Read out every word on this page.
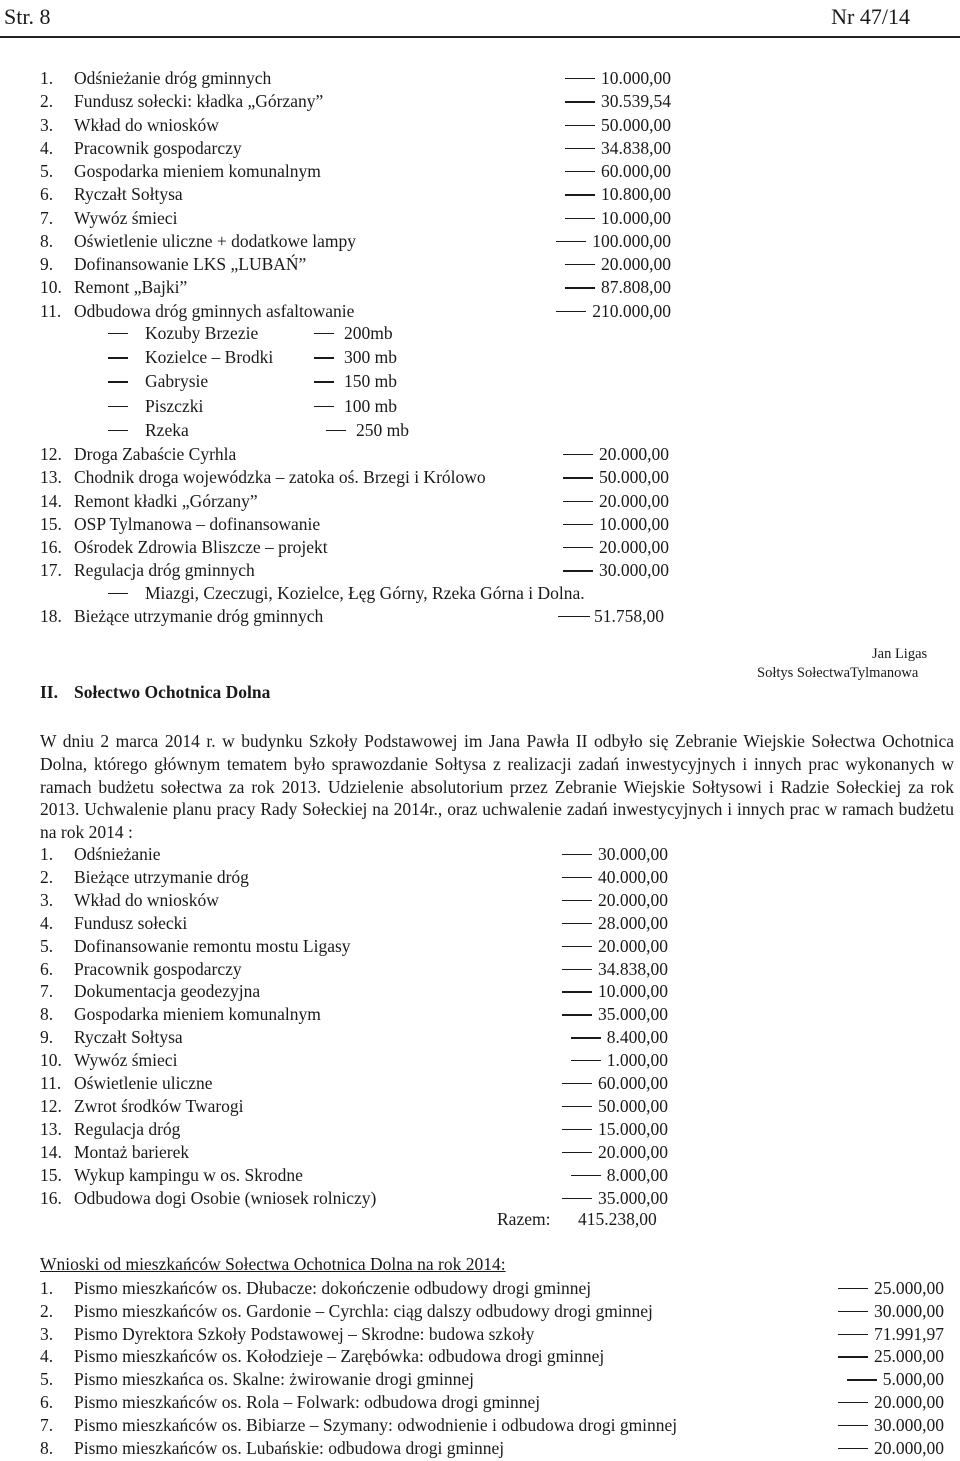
Str. 8	Nr 47/14
1. Odśnieżanie dróg gminnych	10.000,00
2. Fundusz sołecki: kładka „Górzany”	30.539,54
3. Wkład do wniosków	50.000,00
4. Pracownik gospodarczy	34.838,00
5. Gospodarka mieniem komunalnym	60.000,00
6. Ryczałt Sołtysa	10.800,00
7. Wywóz śmieci	10.000,00
8. Oświetlenie uliczne + dodatkowe lampy	100.000,00
9. Dofinansowanie LKS „LUBAŃ”	20.000,00
10. Remont „Bajki”	87.808,00
11. Odbudowa dróg gminnych asfaltowanie	210.000,00
Kozuby Brzezie	200mb
Kozielce – Brodki	300 mb
Gabrysie	150 mb
Piszczki	100 mb
Rzeka	250 mb
12. Droga Zabaście Cyrhla	20.000,00
13. Chodnik droga wojewódzka – zatoka oś. Brzegi i Królowo	50.000,00
14. Remont kładki „Górzany”	20.000,00
15. OSP Tylmanowa – dofinansowanie	10.000,00
16. Ośrodek Zdrowia Bliszcze – projekt	20.000,00
17. Regulacja dróg gminnych	30.000,00
Miazgi, Czeczugi, Kozielce, Łęg Górny, Rzeka Górna i Dolna.
18. Bieżące utrzymanie dróg gminnych	51.758,00
Jan Ligas
Sołtys SołectwaTylmanowa
II. Sołectwo Ochotnica Dolna
W dniu 2 marca 2014 r. w budynku Szkoły Podstawowej im Jana Pawła II odbyło się Zebranie Wiejskie Sołectwa Ochotnica Dolna, którego głównym tematem było sprawozdanie Sołtysa z realizacji zadań inwestycyjnych i innych prac wykonanych w ramach budżetu sołectwa za rok 2013. Udzielenie absolutorium przez Zebranie Wiejskie Sołtysowi i Radzie Sołeckiej za rok 2013. Uchwalenie planu pracy Rady Sołeckiej na 2014r., oraz uchwalenie zadań inwestycyjnych i innych prac w ramach budżetu na rok 2014 :
1. Odśnieżanie	30.000,00
2. Bieżące utrzymanie dróg	40.000,00
3. Wkład do wniosków	20.000,00
4. Fundusz sołecki	28.000,00
5. Dofinansowanie remontu mostu Ligasy	20.000,00
6. Pracownik gospodarczy	34.838,00
7. Dokumentacja geodezyjna	10.000,00
8. Gospodarka mieniem komunalnym	35.000,00
9. Ryczałt Sołtysa	8.400,00
10. Wywóz śmieci	1.000,00
11. Oświetlenie uliczne	60.000,00
12. Zwrot środków Twarogi	50.000,00
13. Regulacja dróg	15.000,00
14. Montaż barierek	20.000,00
15. Wykup kampingu w os. Skrodne	8.000,00
16. Odbudowa dogi Osobie (wniosek rolniczy)	35.000,00
Razem: 415.238,00
Wnioski od mieszkańców Sołectwa Ochotnica Dolna na rok 2014:
1. Pismo mieszkańców os. Dłubacze: dokończenie odbudowy drogi gminnej	25.000,00
2. Pismo mieszkańców os. Gardonie – Cyrchla: ciąg dalszy odbudowy drogi gminnej	30.000,00
3. Pismo Dyrektora Szkoły Podstawowej – Skrodne: budowa szkoły	71.991,97
4. Pismo mieszkańców os. Kołodzieje – Zarębówka: odbudowa drogi gminnej	25.000,00
5. Pismo mieszkańca os. Skalne: żwirowanie drogi gminnej	5.000,00
6. Pismo mieszkańców os. Rola – Folwark: odbudowa drogi gminnej	20.000,00
7. Pismo mieszkańców os. Bibiarze – Szymany: odwodnienie i odbudowa drogi gminnej	30.000,00
8. Pismo mieszkańców os. Lubańskie: odbudowa drogi gminnej	20.000,00
